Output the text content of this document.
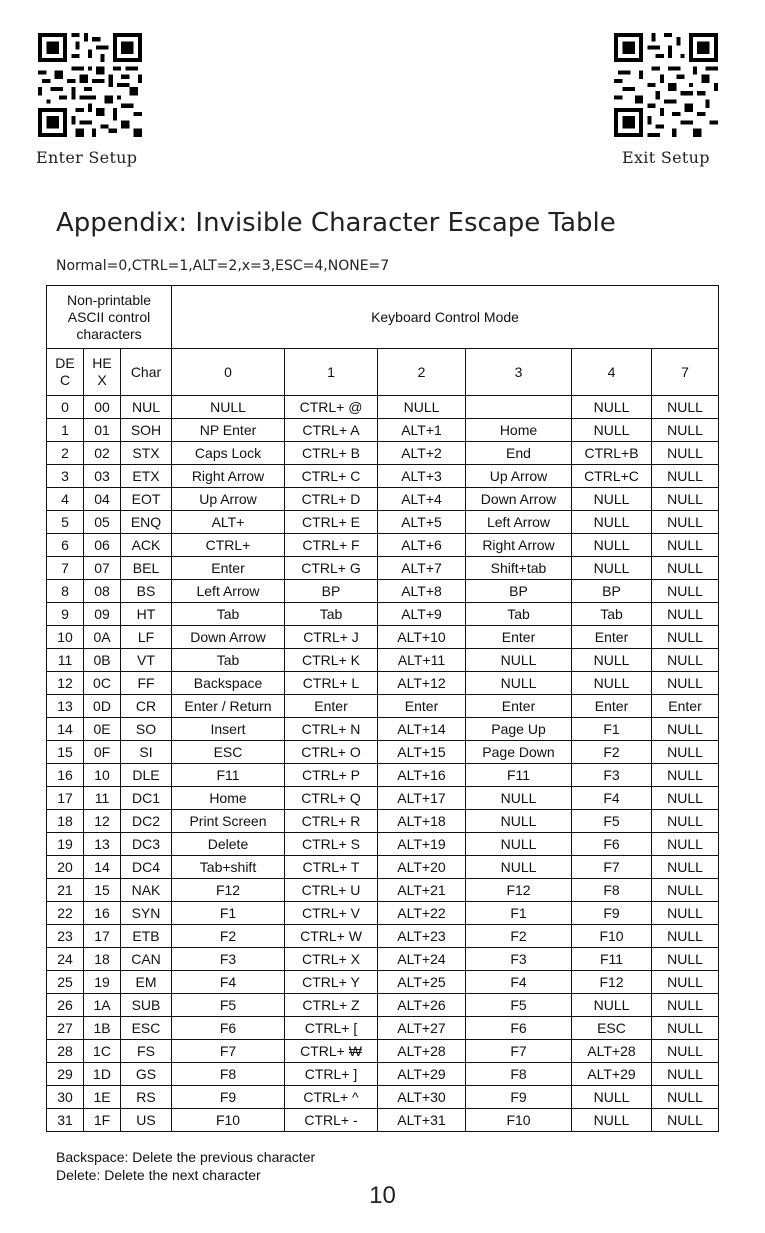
Enter Setup	Exit Setup
Appendix: Invisible Character Escape Table
Normal=0,CTRL=1,ALT=2,x=3,ESC=4,NONE=7
Non-printable ASCII control characters			Keyboard Control Mode					

DE C	HE X	Char	0	1	2	3	4	7
0	00	NUL	NULL	CTRL+ @	NULL		NULL	NULL
1	01	SOH	NP Enter	CTRL+ A	ALT+1	Home	NULL	NULL
2	02	STX	Caps Lock	CTRL+ B	ALT+2	End	CTRL+B	NULL
3	03	ETX	Right Arrow	CTRL+ C	ALT+3	Up Arrow	CTRL+C	NULL
4	04	EOT	Up Arrow	CTRL+ D	ALT+4	Down Arrow	NULL	NULL
5	05	ENQ	ALT+	CTRL+ E	ALT+5	Left Arrow	NULL	NULL
6	06	ACK	CTRL+	CTRL+ F	ALT+6	Right Arrow	NULL	NULL
7	07	BEL	Enter	CTRL+ G	ALT+7	Shift+tab	NULL	NULL
8	08	BS	Left Arrow	BP	ALT+8	BP	BP	NULL
9	09	HT	Tab	Tab	ALT+9	Tab	Tab	NULL
10	0A	LF	Down Arrow	CTRL+ J	ALT+10	Enter	Enter	NULL
11	0B	VT	Tab	CTRL+ K	ALT+11	NULL	NULL	NULL
12	0C	FF	Backspace	CTRL+ L	ALT+12	NULL	NULL	NULL
13	0D	CR	Enter / Return	Enter	Enter	Enter	Enter	Enter
14	0E	SO	Insert	CTRL+ N	ALT+14	Page Up	F1	NULL
15	0F	SI	ESC	CTRL+ O	ALT+15	Page Down	F2	NULL
16	10	DLE	F11	CTRL+ P	ALT+16	F11	F3	NULL
17	11	DC1	Home	CTRL+ Q	ALT+17	NULL	F4	NULL
18	12	DC2	Print Screen	CTRL+ R	ALT+18	NULL	F5	NULL
19	13	DC3	Delete	CTRL+ S	ALT+19	NULL	F6	NULL
20	14	DC4	Tab+shift	CTRL+ T	ALT+20	NULL	F7	NULL
21	15	NAK	F12	CTRL+ U	ALT+21	F12	F8	NULL
22	16	SYN	F1	CTRL+ V	ALT+22	F1	F9	NULL
23	17	ETB	F2	CTRL+ W	ALT+23	F2	F10	NULL
24	18	CAN	F3	CTRL+ X	ALT+24	F3	F11	NULL
25	19	EM	F4	CTRL+ Y	ALT+25	F4	F12	NULL
26	1A	SUB	F5	CTRL+ Z	ALT+26	F5	NULL	NULL
27	1B	ESC	F6	CTRL+ [	ALT+27	F6	ESC	NULL
28	1C	FS	F7	CTRL+ ₩	ALT+28	F7	ALT+28	NULL
29	1D	GS	F8	CTRL+ ]	ALT+29	F8	ALT+29	NULL
30	1E	RS	F9	CTRL+ ^	ALT+30	F9	NULL	NULL
31	1F	US	F10	CTRL+ -	ALT+31	F10	NULL	NULL
Backspace: Delete the previous character
Delete: Delete the next character
10
